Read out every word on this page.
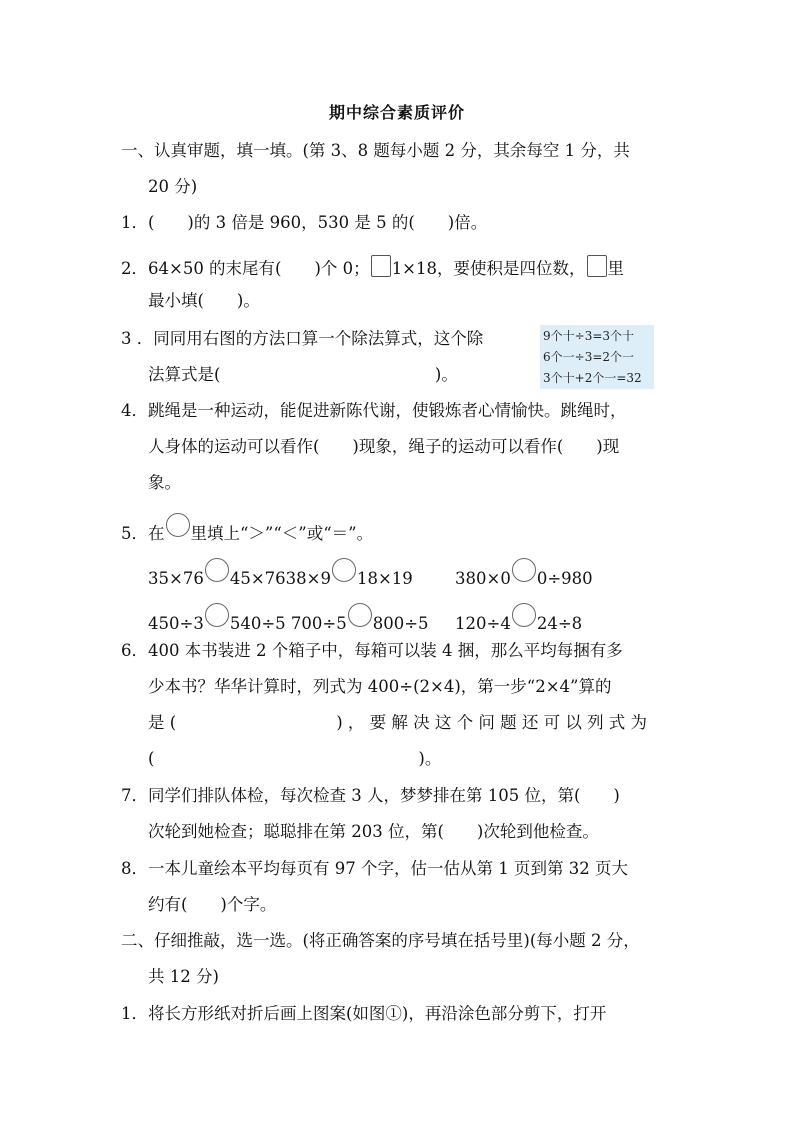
期中综合素质评价
一、认真审题，填一填。(第 3、8 题每小题 2 分，其余每空 1 分，共
20 分)
1．(　　)的 3 倍是 960，530 是 5 的(　　)倍。
2．64×50 的末尾有(　　)个 0； 1×18，要使积是四位数， 里
最小填(　　)。
3 ．同同用右图的方法口算一个除法算式，这个除
法算式是(　　　　　　　　　　　　　)。
9个十÷3=3个十
6个一÷3=2个一
3个十+2个一=32
4．跳绳是一种运动，能促进新陈代谢，使锻炼者心情愉快。跳绳时，
人身体的运动可以看作(　　)现象，绳子的运动可以看作(　　)现
象。
5．在 里填上“＞”“＜”或“＝”。
35×76 45×7638×9 18×19	380×0 0÷980
450÷3 540÷5 700÷5 800÷5 120÷4 24÷8
6．400 本书装进 2 个箱子中，每箱可以装 4 捆，那么平均每捆有多
少本书？华华计算时，列式为 400÷(2×4)，第一步“2×4”算的
是 (	) ， 要 解 决 这 个 问 题 还 可 以 列 式 为
(　　　　　　　　　　　　　　　　)。
7．同学们排队体检，每次检查 3 人，梦梦排在第 105 位，第(　　)
次轮到她检查；聪聪排在第 203 位，第(　　)次轮到他检查。
8．一本儿童绘本平均每页有 97 个字，估一估从第 1 页到第 32 页大
约有(　　)个字。
二、仔细推敲，选一选。(将正确答案的序号填在括号里)(每小题 2 分，
共 12 分)
1．将长方形纸对折后画上图案(如图①)，再沿涂色部分剪下，打开
